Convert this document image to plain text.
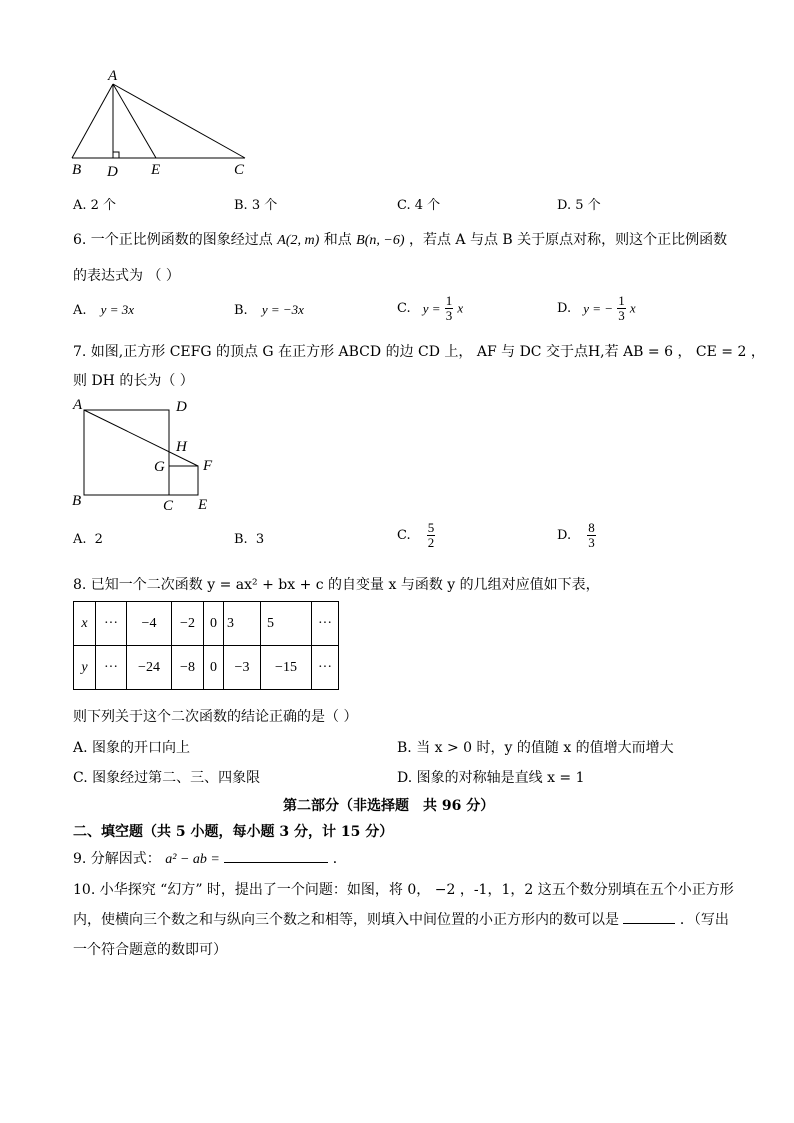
A
B D E	C
A. 2 个	B. 3 个	C. 4 个	D. 5 个
6. 一个正比例函数的图象经过点 A(2, m) 和点 B(n, −6) ，若点 A 与点 B 关于原点对称，则这个正比例函数
的表达式为 （ ）
A. y = 3x	B. y = −3x	C. $y = \frac{1}{3}$ x	D. y = − $\frac{1}{3}$ x
7. 如图,正方形 CEFG 的顶点 G 在正方形 ABCD 的边 CD 上， AF 与 DC 交于点H,若 AB = 6 ， CE = 2 ，
则 DH 的长为（ ）
A	D
H
G	F
B	C E
A. 2	B. 3	C. $\frac{5}{2}$	D. $\frac{8}{3}$
8. 已知一个二次函数 y = ax² + bx + c 的自变量 x 与函数 y 的几组对应值如下表，
x	···	−4	−2	0	3	5	···
y	···	−24	−8	0	−3	−15	···
则下列关于这个二次函数的结论正确的是（ ）
A. 图象的开口向上	B. 当 x > 0 时，y 的值随 x 的值增大而增大
C. 图象经过第二、三、四象限	D. 图象的对称轴是直线 x = 1
第二部分（非选择题　共 96 分）
二、填空题（共 5 小题，每小题 3 分，计 15 分）
9. 分解因式： a² − ab =	．
10. 小华探究 “幻方” 时，提出了一个问题：如图，将 0， −2 ，-1，1，2 这五个数分别填在五个小正方形
内，使横向三个数之和与纵向三个数之和相等，则填入中间位置的小正方形内的数可以是	．（写出
一个符合题意的数即可）
